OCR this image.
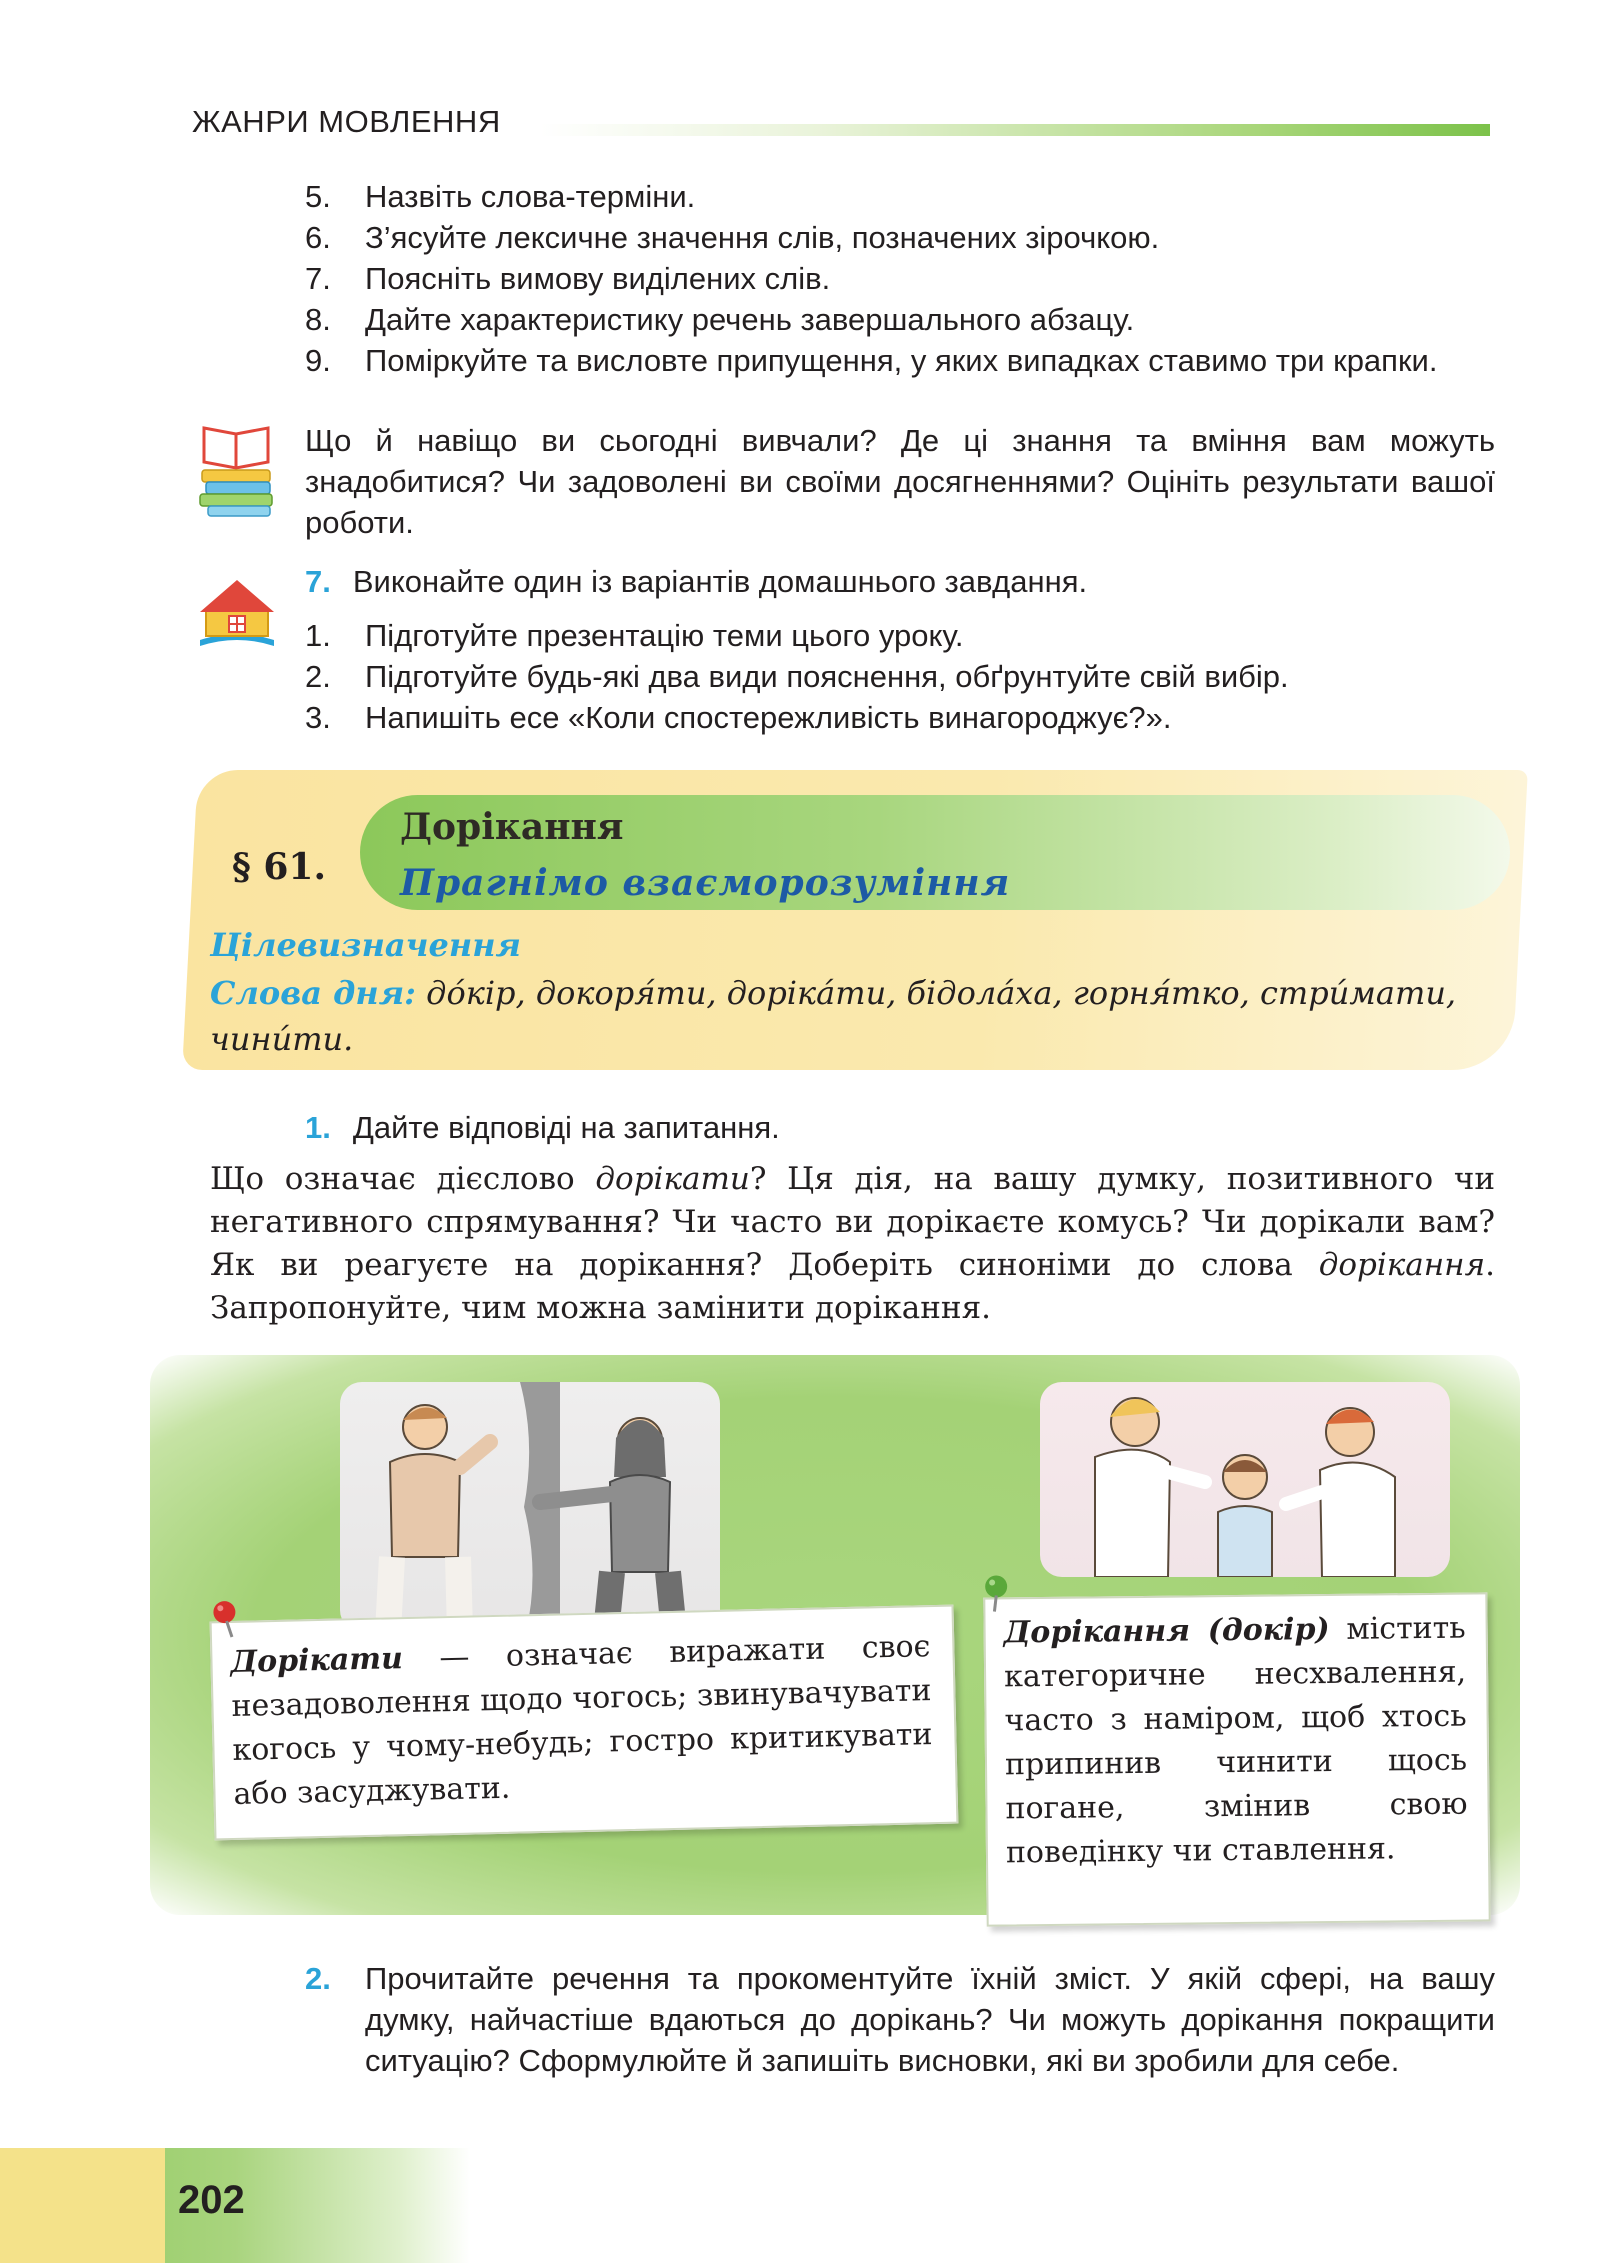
ЖАНРИ МОВЛЕННЯ
5. Назвіть слова-терміни.
6. З’ясуйте лексичне значення слів, позначених зірочкою.
7. Поясніть вимову виділених слів.
8. Дайте характеристику речень завершального абзацу.
9. Поміркуйте та висловте припущення, у яких випадках ставимо три крапки.
Що й навіщо ви сьогодні вивчали? Де ці знання та вміння вам можуть знадобитися? Чи задоволені ви своїми досягненнями? Оцініть результати вашої роботи.
7. Виконайте один із варіантів домашнього завдання.
1. Підготуйте презентацію теми цього уроку.
2. Підготуйте будь-які два види пояснення, обґрунтуйте свій вибір.
3. Напишіть есе «Коли спостережливість винагороджує?».
§ 61.
Дорікання
Прагнімо взаєморозуміння
Цілевизначення
Слова дня: до́кір, докоря́ти, доріка́ти, бідола́ха, горня́тко, стри́мати, чини́ти.
1. Дайте відповіді на запитання.
Що означає дієслово дорікати? Ця дія, на вашу думку, позитивного чи негативного спрямування? Чи часто ви дорікаєте комусь? Чи дорікали вам? Як ви реагуєте на дорікання? Доберіть синоніми до слова дорікання. Запропонуйте, чим можна замінити дорікання.
Дорікати — означає виражати своє незадоволення щодо чогось; звинувачувати когось у чому-небудь; гостро критикувати або засуджувати.
Дорікання (докір) містить категоричне несхвалення, часто з наміром, щоб хтось припинив чинити щось погане, змінив свою поведінку чи ставлення.
2. Прочитайте речення та прокоментуйте їхній зміст. У якій сфері, на вашу думку, найчастіше вдаються до дорікань? Чи можуть дорікання покращити ситуацію? Сформулюйте й запишіть висновки, які ви зробили для себе.
202
